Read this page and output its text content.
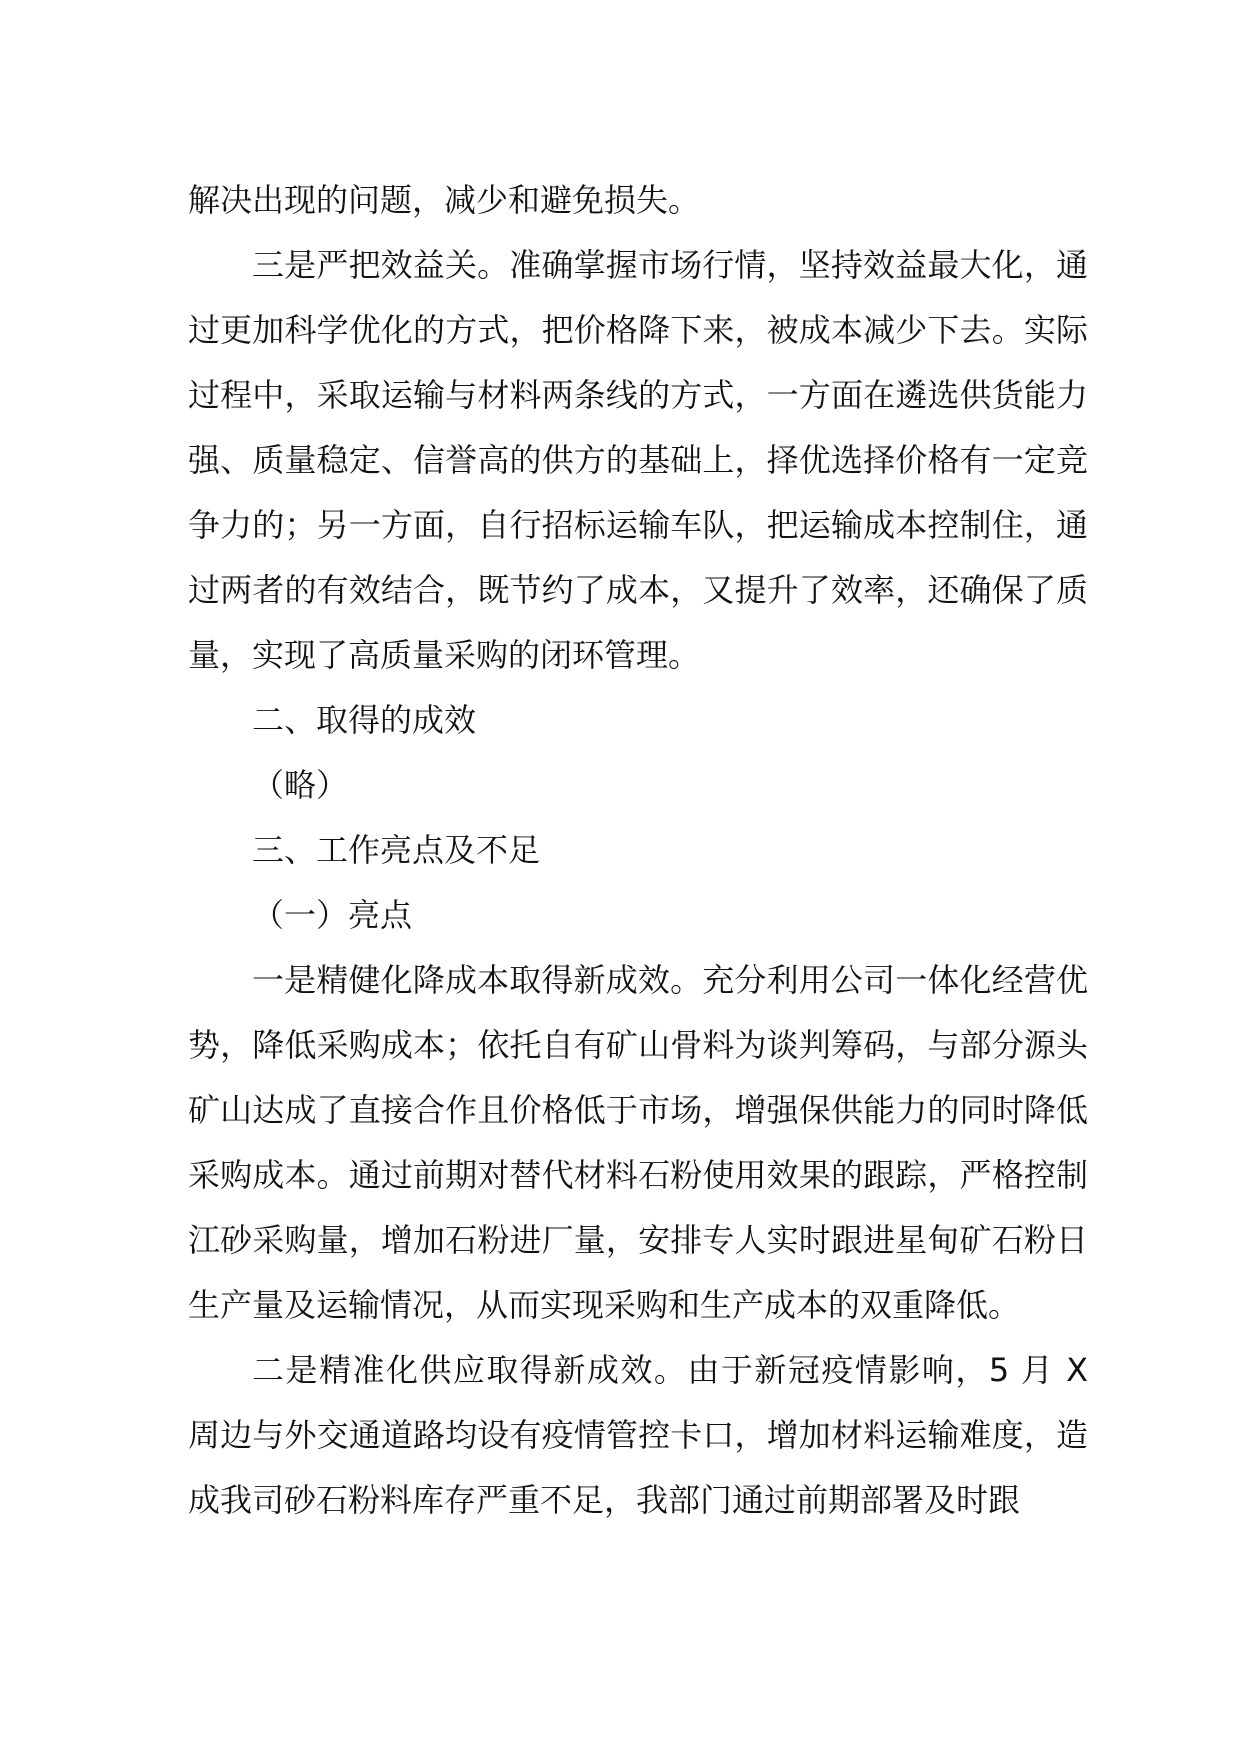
解决出现的问题，减少和避免损失。

三是严把效益关。准确掌握市场行情，坚持效益最大化，通过更加科学优化的方式，把价格降下来，被成本减少下去。实际过程中，采取运输与材料两条线的方式，一方面在遴选供货能力强、质量稳定、信誉高的供方的基础上，择优选择价格有一定竞争力的；另一方面，自行招标运输车队，把运输成本控制住，通过两者的有效结合，既节约了成本，又提升了效率，还确保了质量，实现了高质量采购的闭环管理。

二、取得的成效

（略）

三、工作亮点及不足

（一）亮点

一是精健化降成本取得新成效。充分利用公司一体化经营优势，降低采购成本；依托自有矿山骨料为谈判筹码，与部分源头矿山达成了直接合作且价格低于市场，增强保供能力的同时降低采购成本。通过前期对替代材料石粉使用效果的跟踪，严格控制江砂采购量，增加石粉进厂量，安排专人实时跟进星甸矿石粉日生产量及运输情况，从而实现采购和生产成本的双重降低。

二是精准化供应取得新成效。由于新冠疫情影响，5 月 X 周边与外交通道路均设有疫情管控卡口，增加材料运输难度，造成我司砂石粉料库存严重不足，我部门通过前期部署及时跟
